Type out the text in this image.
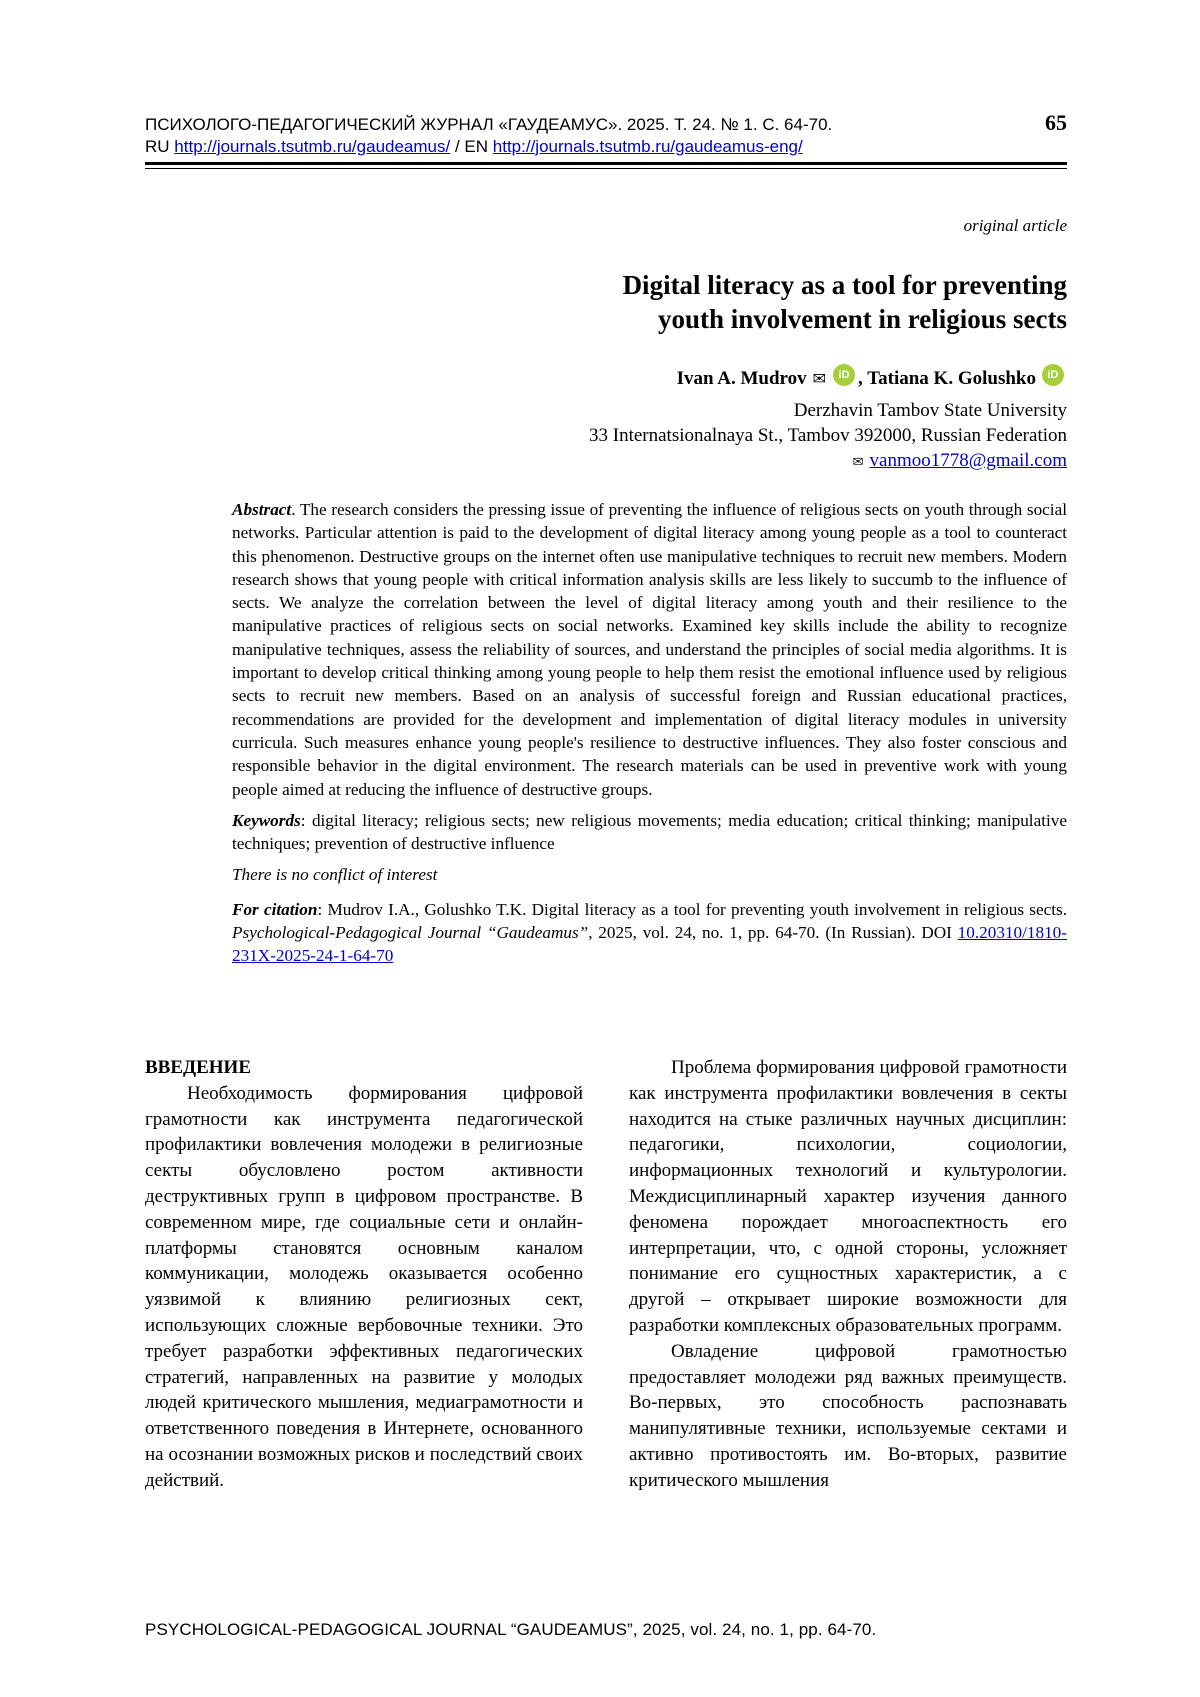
ПСИХОЛОГО-ПЕДАГОГИЧЕСКИЙ ЖУРНАЛ «ГАУДЕАМУС». 2025. Т. 24. № 1. С. 64-70.
RU http://journals.tsutmb.ru/gaudeamus/ / EN http://journals.tsutmb.ru/gaudeamus-eng/
65
original article
Digital literacy as a tool for preventing
youth involvement in religious sects
Ivan A. Mudrov ✉	iD , Tatiana K. Golushko	iD
Derzhavin Tambov State University
33 Internatsionalnaya St., Tambov 392000, Russian Federation
✉ vanmoo1778@gmail.com

Abstract. The research considers the pressing issue of preventing the influence of religious sects on youth through social networks. Particular attention is paid to the development of digital literacy among young people as a tool to counteract this phenomenon. Destructive groups on the internet often use manipulative techniques to recruit new members. Modern research shows that young people with critical information analysis skills are less likely to succumb to the influence of sects. We analyze the correlation between the level of digital literacy among youth and their resilience to the manipulative practices of religious sects on social networks. Examined key skills include the ability to recognize manipulative techniques, assess the reliability of sources, and understand the principles of social media algorithms. It is important to develop critical thinking among young people to help them resist the emotional influence used by religious sects to recruit new members. Based on an analysis of successful foreign and Russian educational practices, recommendations are provided for the development and implementation of digital literacy modules in university curricula. Such measures enhance young people's resilience to destructive influences. They also foster conscious and responsible behavior in the digital environment. The research materials can be used in preventive work with young people aimed at reducing the influence of destructive groups.

Keywords: digital literacy; religious sects; new religious movements; media education; critical thinking; manipulative techniques; prevention of destructive influence

There is no conflict of interest

For citation: Mudrov I.A., Golushko T.K. Digital literacy as a tool for preventing youth involvement in religious sects. Psychological-Pedagogical Journal “Gaudeamus”, 2025, vol. 24, no. 1, pp. 64-70. (In Russian). DOI 10.20310/1810-231X-2025-24-1-64-70

ВВЕДЕНИЕ

Необходимость формирования цифровой грамотности как инструмента педагогической профилактики вовлечения молодежи в религиозные секты обусловлено ростом активности деструктивных групп в цифровом пространстве. В современном мире, где социальные сети и онлайн-платформы становятся основным каналом коммуникации, молодежь оказывается особенно уязвимой к влиянию религиозных сект, использующих сложные вербовочные техники. Это требует разработки эффективных педагогических стратегий, направленных на развитие у молодых людей критического мышления, медиаграмотности и ответственного поведения в Интернете, основанного на осознании возможных рисков и последствий своих действий.

Проблема формирования цифровой грамотности как инструмента профилактики вовлечения в секты находится на стыке различных научных дисциплин: педагогики, психологии, социологии, информационных технологий и культурологии. Междисциплинарный характер изучения данного феномена порождает многоаспектность его интерпретации, что, с одной стороны, усложняет понимание его сущностных характеристик, а с другой – открывает широкие возможности для разработки комплексных образовательных программ.

Овладение цифровой грамотностью предоставляет молодежи ряд важных преимуществ. Во-первых, это способность распознавать манипулятивные техники, используемые сектами и активно противостоять им. Во-вторых, развитие критического мышления

PSYCHOLOGICAL-PEDAGOGICAL JOURNAL “GAUDEAMUS”, 2025, vol. 24, no. 1, pp. 64-70.
